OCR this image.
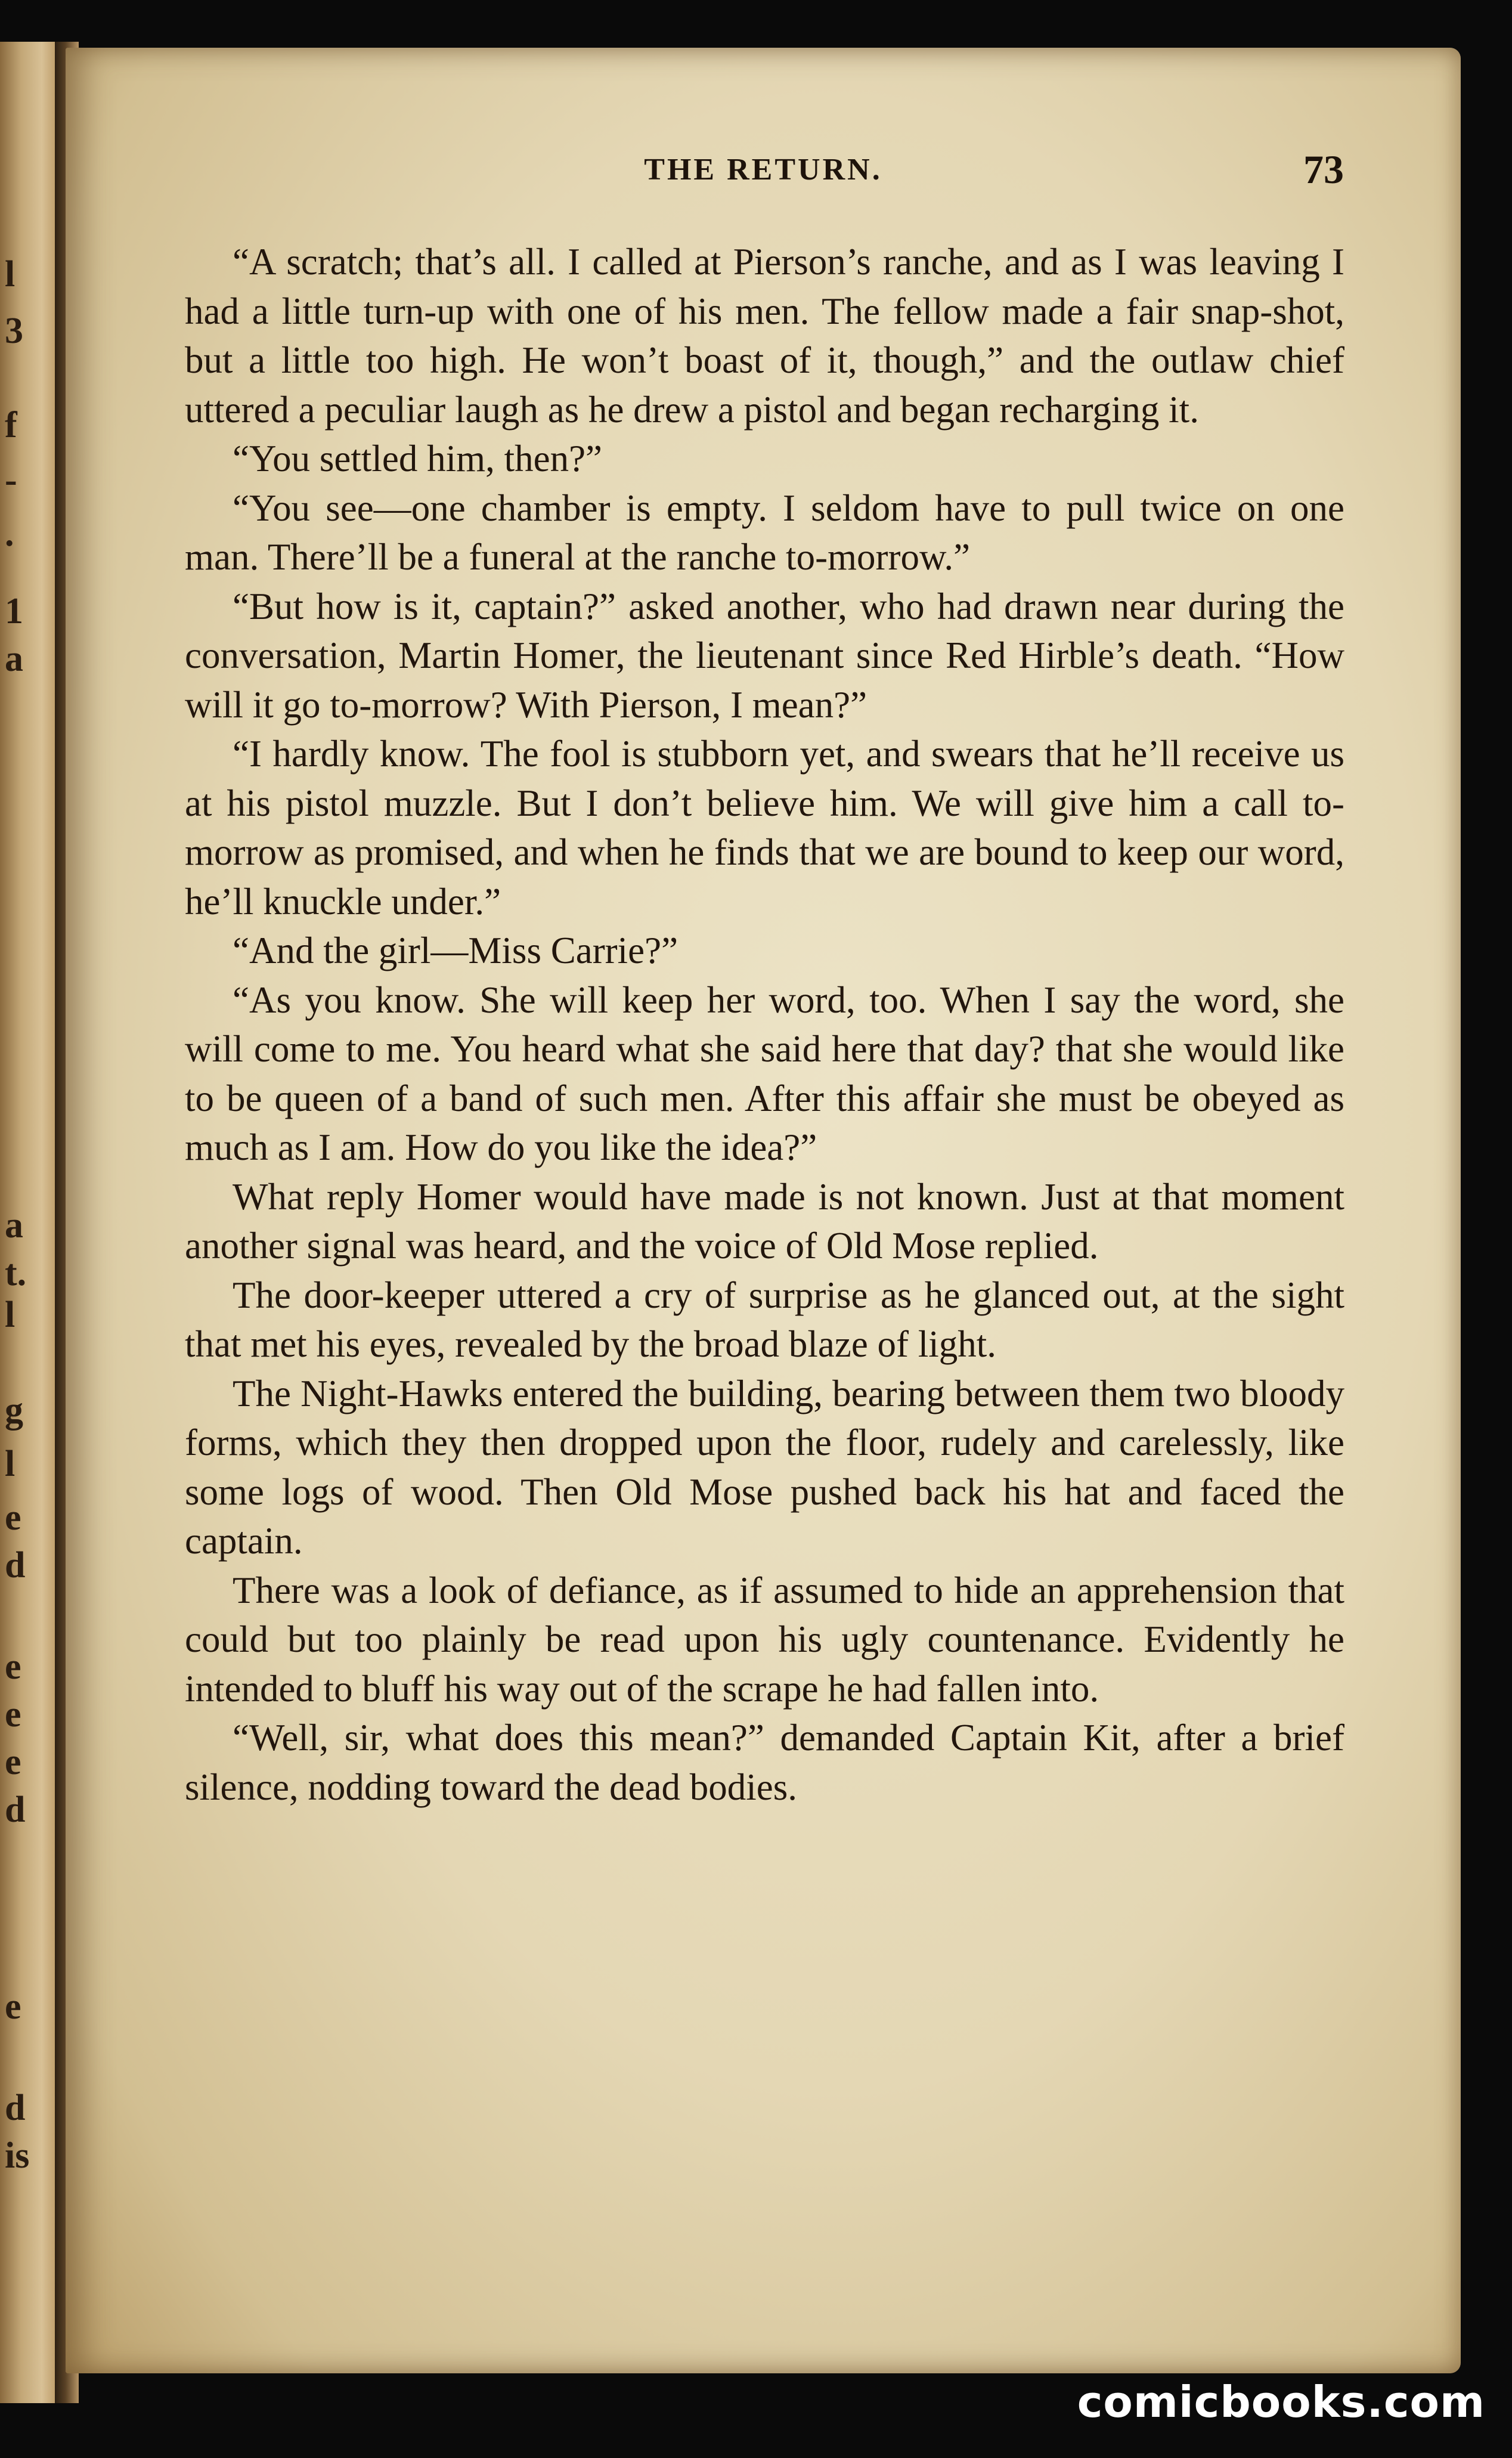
l
3
f
-
.
1
a
a
t.
l
g
l
e
d
e
e
e
d
e
d
is
THE RETURN.	73

“A scratch; that’s all. I called at Pierson’s ranche, and as I was leaving I had a little turn-up with one of his men. The fellow made a fair snap-shot, but a little too high. He won’t boast of it, though,” and the outlaw chief uttered a peculiar laugh as he drew a pistol and began recharging it.

“You settled him, then?”

“You see—one chamber is empty. I seldom have to pull twice on one man. There’ll be a funeral at the ranche to-morrow.”

“But how is it, captain?” asked another, who had drawn near during the conversation, Martin Homer, the lieutenant since Red Hirble’s death. “How will it go to-morrow? With Pierson, I mean?”

“I hardly know. The fool is stubborn yet, and swears that he’ll receive us at his pistol muzzle. But I don’t believe him. We will give him a call to-morrow as promised, and when he finds that we are bound to keep our word, he’ll knuckle under.”

“And the girl—Miss Carrie?”

“As you know. She will keep her word, too. When I say the word, she will come to me. You heard what she said here that day? that she would like to be queen of a band of such men. After this affair she must be obeyed as much as I am. How do you like the idea?”

What reply Homer would have made is not known. Just at that moment another signal was heard, and the voice of Old Mose replied.

The door-keeper uttered a cry of surprise as he glanced out, at the sight that met his eyes, revealed by the broad blaze of light.

The Night-Hawks entered the building, bearing between them two bloody forms, which they then dropped upon the floor, rudely and carelessly, like some logs of wood. Then Old Mose pushed back his hat and faced the captain.

There was a look of defiance, as if assumed to hide an apprehension that could but too plainly be read upon his ugly countenance. Evidently he intended to bluff his way out of the scrape he had fallen into.

“Well, sir, what does this mean?” demanded Captain Kit, after a brief silence, nodding toward the dead bodies.

comicbooks.com
